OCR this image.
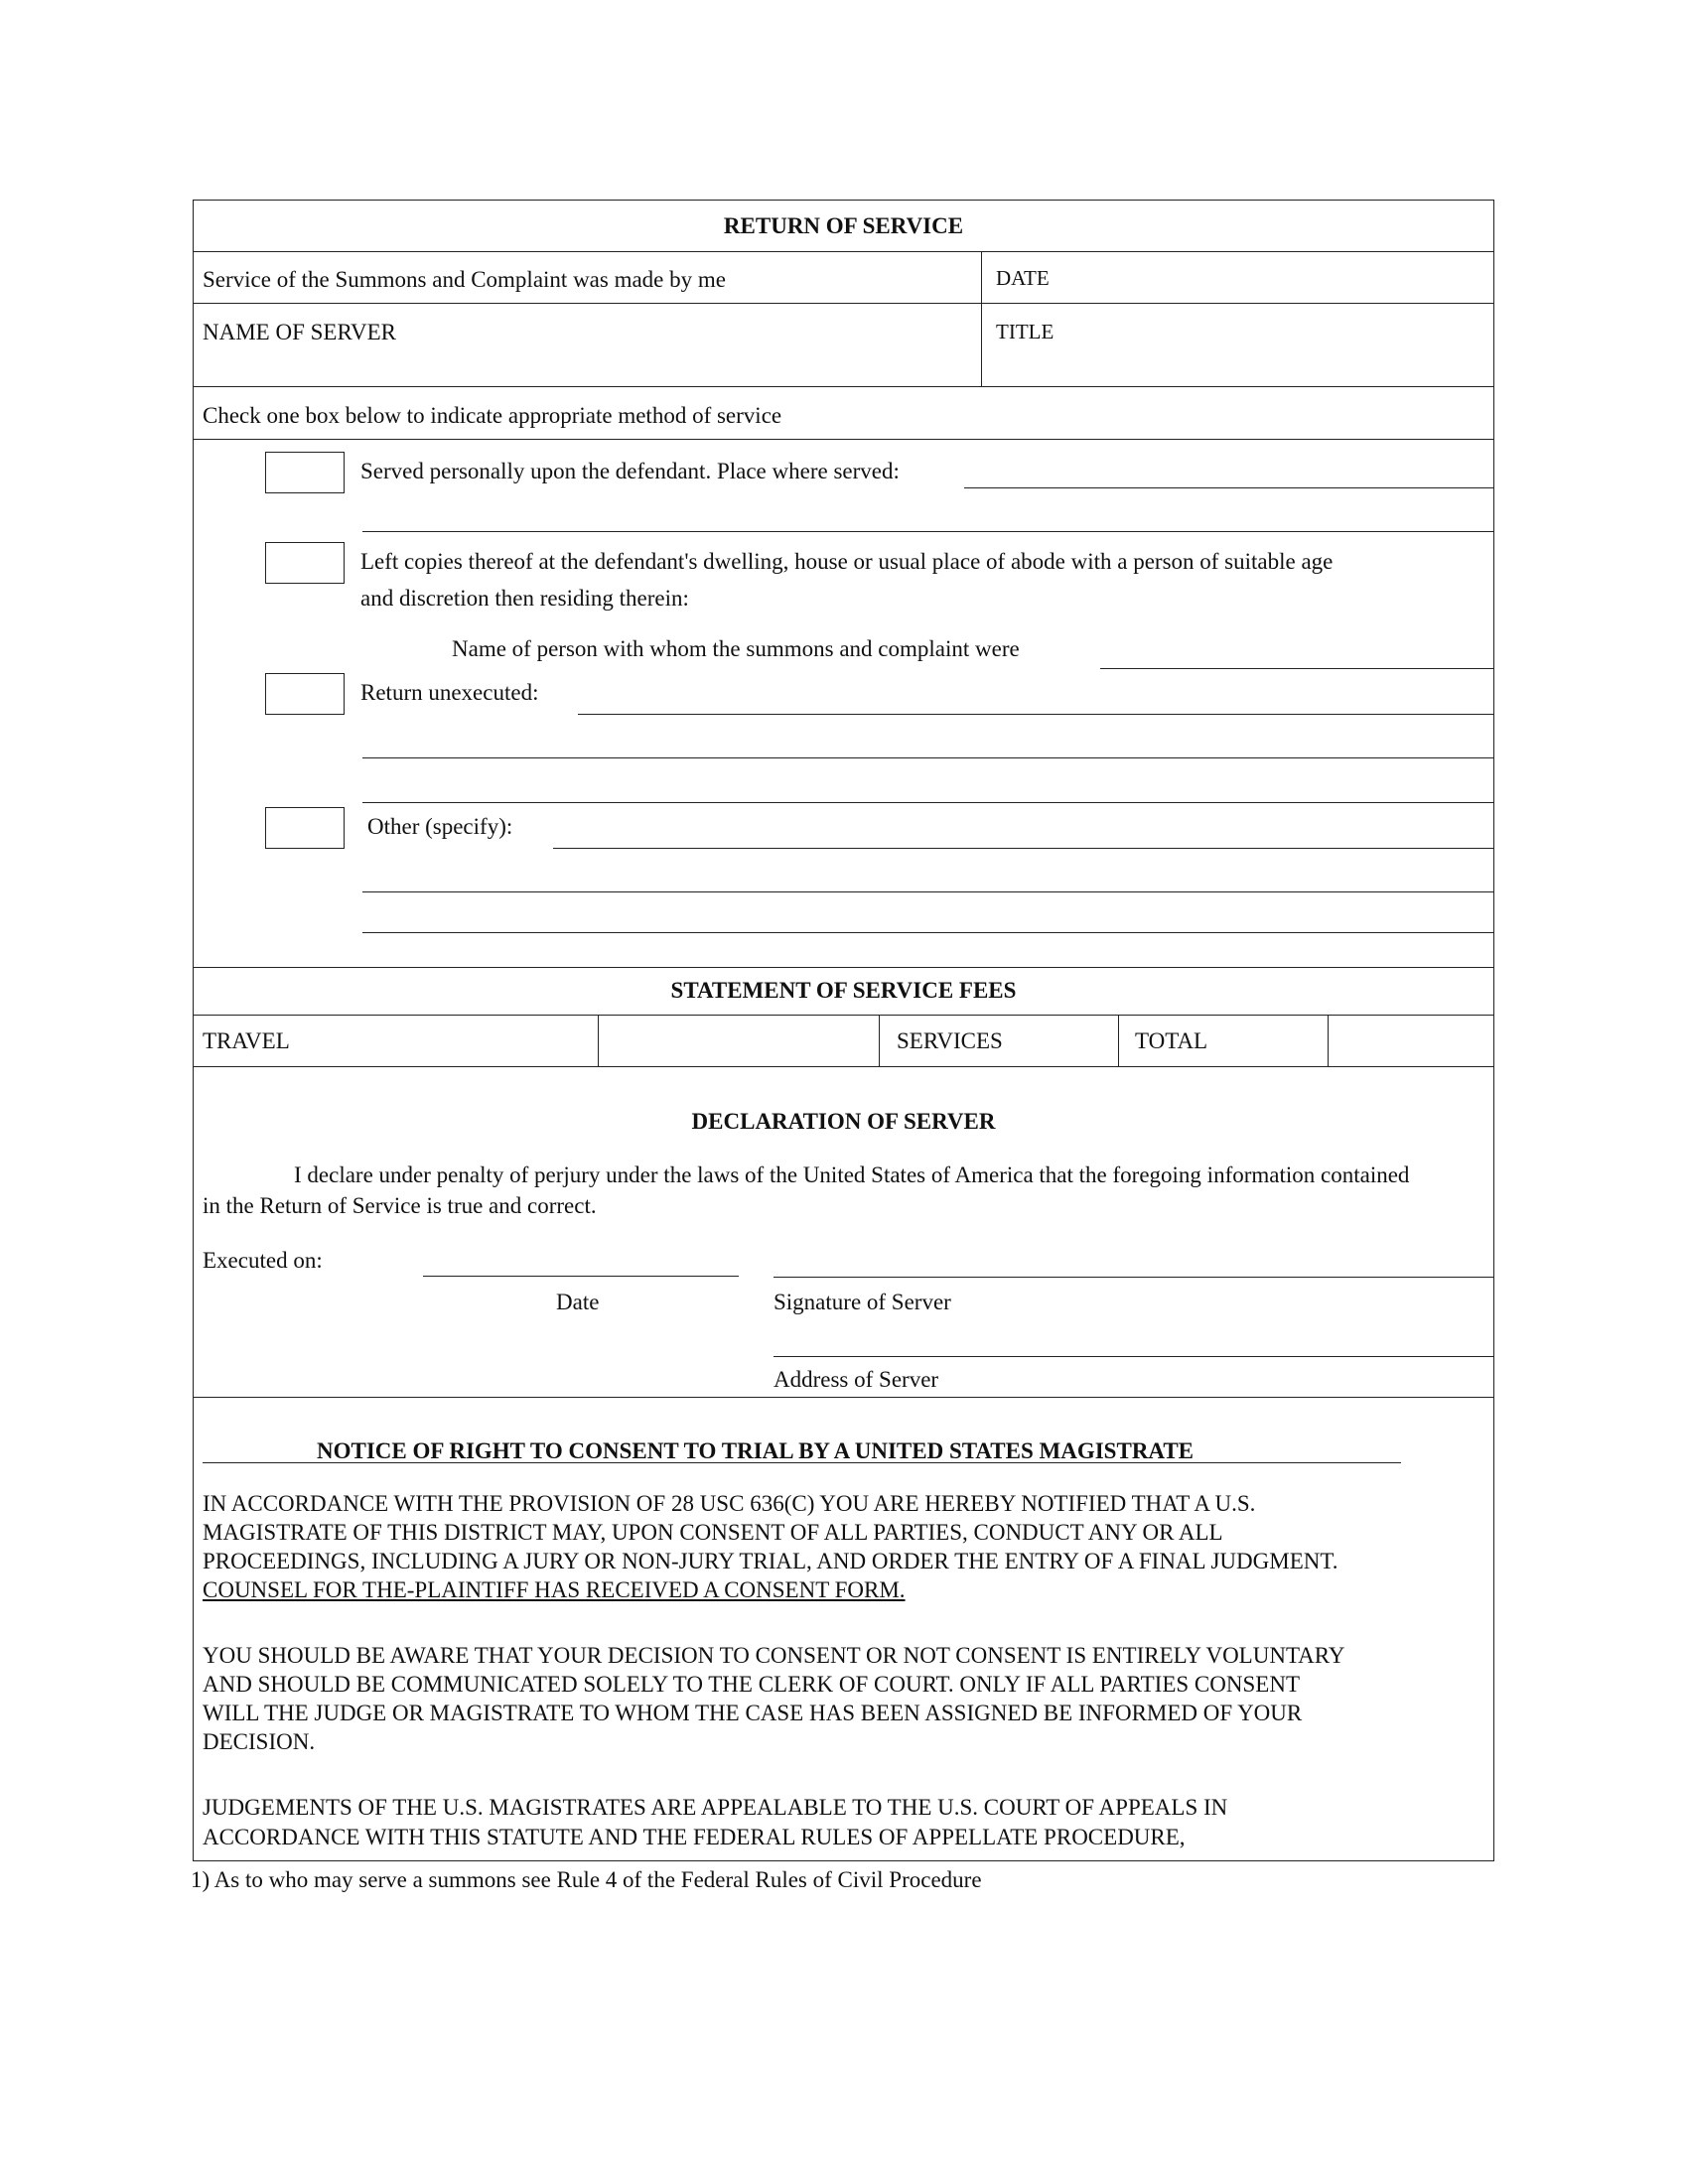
RETURN OF SERVICE
Service of the Summons and Complaint was made by me	DATE
NAME OF SERVER	TITLE
Check one box below to indicate appropriate method of service
Served personally upon the defendant. Place where served:
Left copies thereof at the defendant's dwelling, house or usual place of abode with a person of suitable age
and discretion then residing therein:
Name of person with whom the summons and complaint were
Return unexecuted:
Other (specify):
STATEMENT OF SERVICE FEES
TRAVEL	SERVICES	TOTAL
DECLARATION OF SERVER
I declare under penalty of perjury under the laws of the United States of America that the foregoing information contained
in the Return of Service is true and correct.
Executed on:
Date	Signature of Server
Address of Server
NOTICE OF RIGHT TO CONSENT TO TRIAL BY A UNITED STATES MAGISTRATE
IN ACCORDANCE WITH THE PROVISION OF 28 USC 636(C) YOU ARE HEREBY NOTIFIED THAT A U.S.
MAGISTRATE OF THIS DISTRICT MAY, UPON CONSENT OF ALL PARTIES, CONDUCT ANY OR ALL
PROCEEDINGS, INCLUDING A JURY OR NON-JURY TRIAL, AND ORDER THE ENTRY OF A FINAL JUDGMENT.
COUNSEL FOR THE-PLAINTIFF HAS RECEIVED A CONSENT FORM.
YOU SHOULD BE AWARE THAT YOUR DECISION TO CONSENT OR NOT CONSENT IS ENTIRELY VOLUNTARY
AND SHOULD BE COMMUNICATED SOLELY TO THE CLERK OF COURT. ONLY IF ALL PARTIES CONSENT
WILL THE JUDGE OR MAGISTRATE TO WHOM THE CASE HAS BEEN ASSIGNED BE INFORMED OF YOUR
DECISION.
JUDGEMENTS OF THE U.S. MAGISTRATES ARE APPEALABLE TO THE U.S. COURT OF APPEALS IN
ACCORDANCE WITH THIS STATUTE AND THE FEDERAL RULES OF APPELLATE PROCEDURE,
1) As to who may serve a summons see Rule 4 of the Federal Rules of Civil Procedure
